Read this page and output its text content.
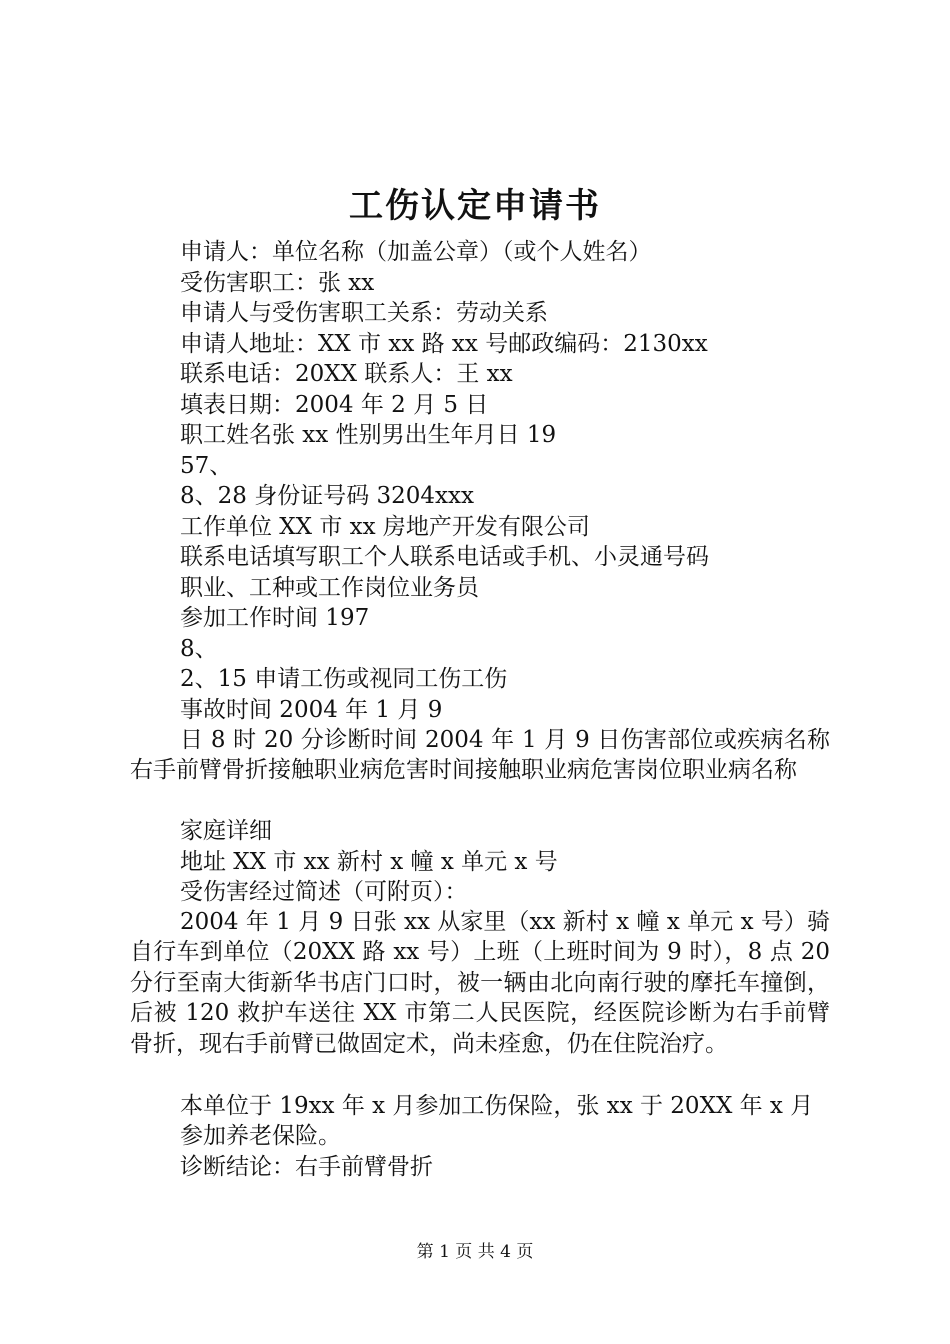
工伤认定申请书
申请人：单位名称（加盖公章）（或个人姓名）
受伤害职工：张 xx
申请人与受伤害职工关系：劳动关系
申请人地址：XX 市 xx 路 xx 号邮政编码：2130xx
联系电话：20XX 联系人：王 xx
填表日期：2004 年 2 月 5 日
职工姓名张 xx 性别男出生年月日 19
57、
8、28 身份证号码 3204xxx
工作单位 XX 市 xx 房地产开发有限公司
联系电话填写职工个人联系电话或手机、小灵通号码
职业、工种或工作岗位业务员
参加工作时间 197
8、
2、15 申请工伤或视同工伤工伤
事故时间 2004 年 1 月 9
日 8 时 20 分诊断时间 2004 年 1 月 9 日伤害部位或疾病名称右手前臂骨折接触职业病危害时间接触职业病危害岗位职业病名称
家庭详细
地址 XX 市 xx 新村 x 幢 x 单元 x 号
受伤害经过简述（可附页）：
2004 年 1 月 9 日张 xx 从家里（xx 新村 x 幢 x 单元 x 号）骑自行车到单位（20XX 路 xx 号）上班（上班时间为 9 时），8 点 20 分行至南大街新华书店门口时，被一辆由北向南行驶的摩托车撞倒，后被 120 救护车送往 XX 市第二人民医院，经医院诊断为右手前臂骨折，现右手前臂已做固定术，尚未痊愈，仍在住院治疗。
本单位于 19xx 年 x 月参加工伤保险，张 xx 于 20XX 年 x 月
参加养老保险。
诊断结论：右手前臂骨折
第 1 页 共 4 页
